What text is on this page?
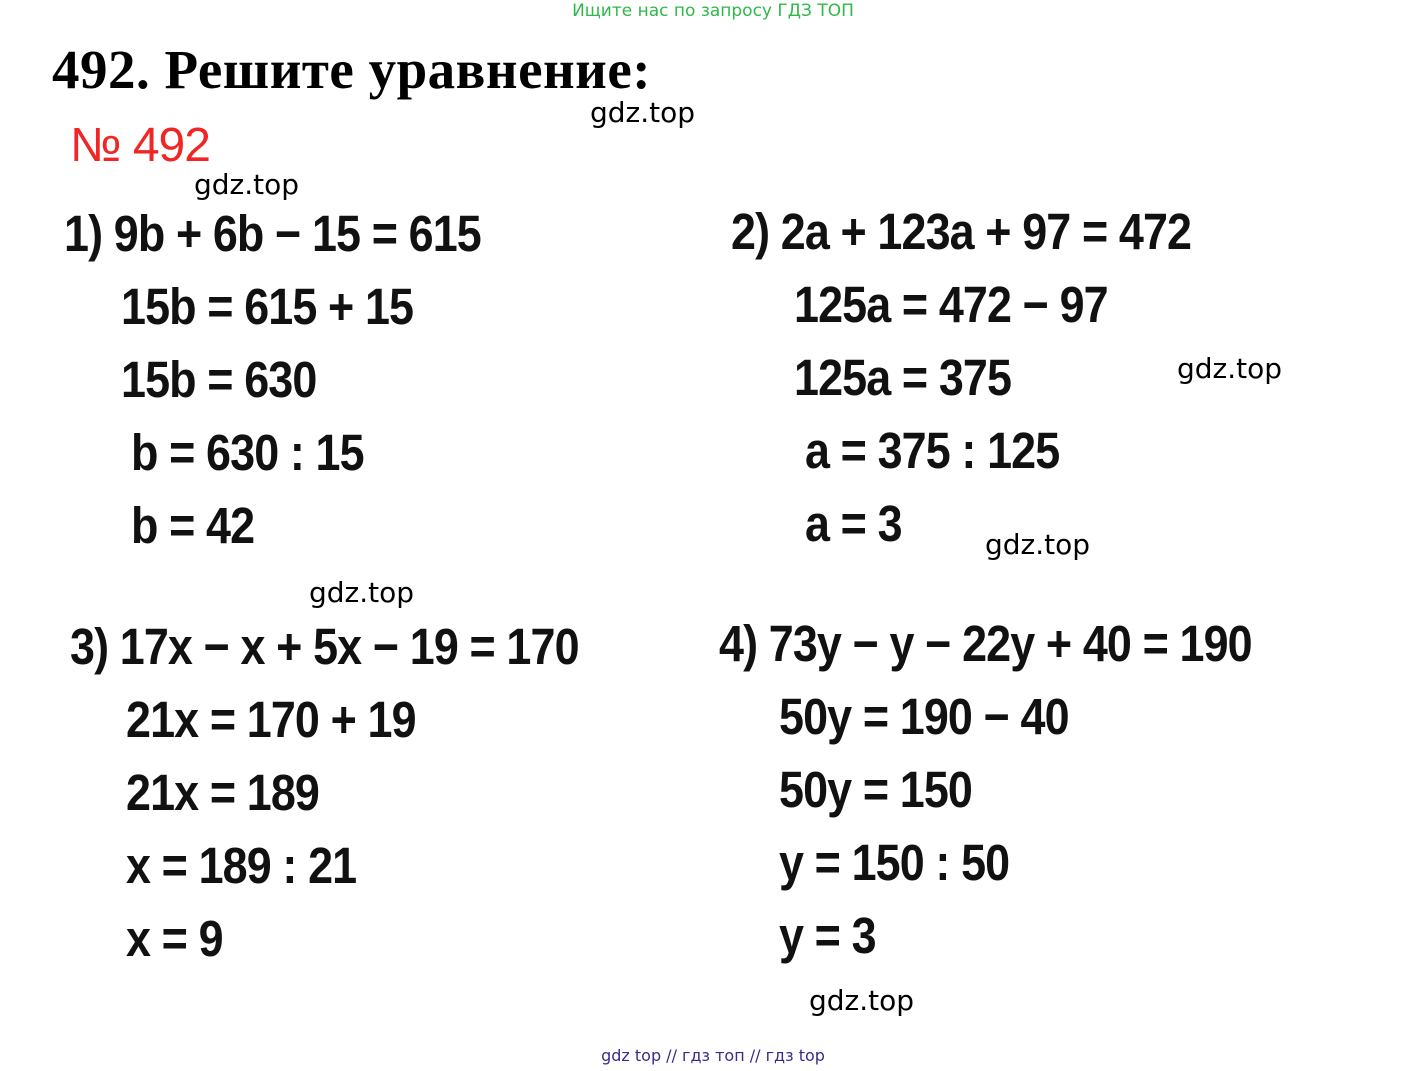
Ищите нас по запросу ГДЗ ТОП
492. Решите уравнение:
№ 492
gdz.top
gdz.top
gdz.top
gdz.top
gdz.top
gdz.top
1) 9b + 6b − 15 = 615
15b = 615 + 15
15b = 630
b = 630 : 15
b = 42
2) 2a + 123a + 97 = 472
125a = 472 − 97
125a = 375
a = 375 : 125
a = 3
3) 17x − x + 5x − 19 = 170
21x = 170 + 19
21x = 189
x = 189 : 21
x = 9
4) 73y − y − 22y + 40 = 190
50y = 190 − 40
50y = 150
y = 150 : 50
y = 3
gdz top // гдз топ // гдз top
